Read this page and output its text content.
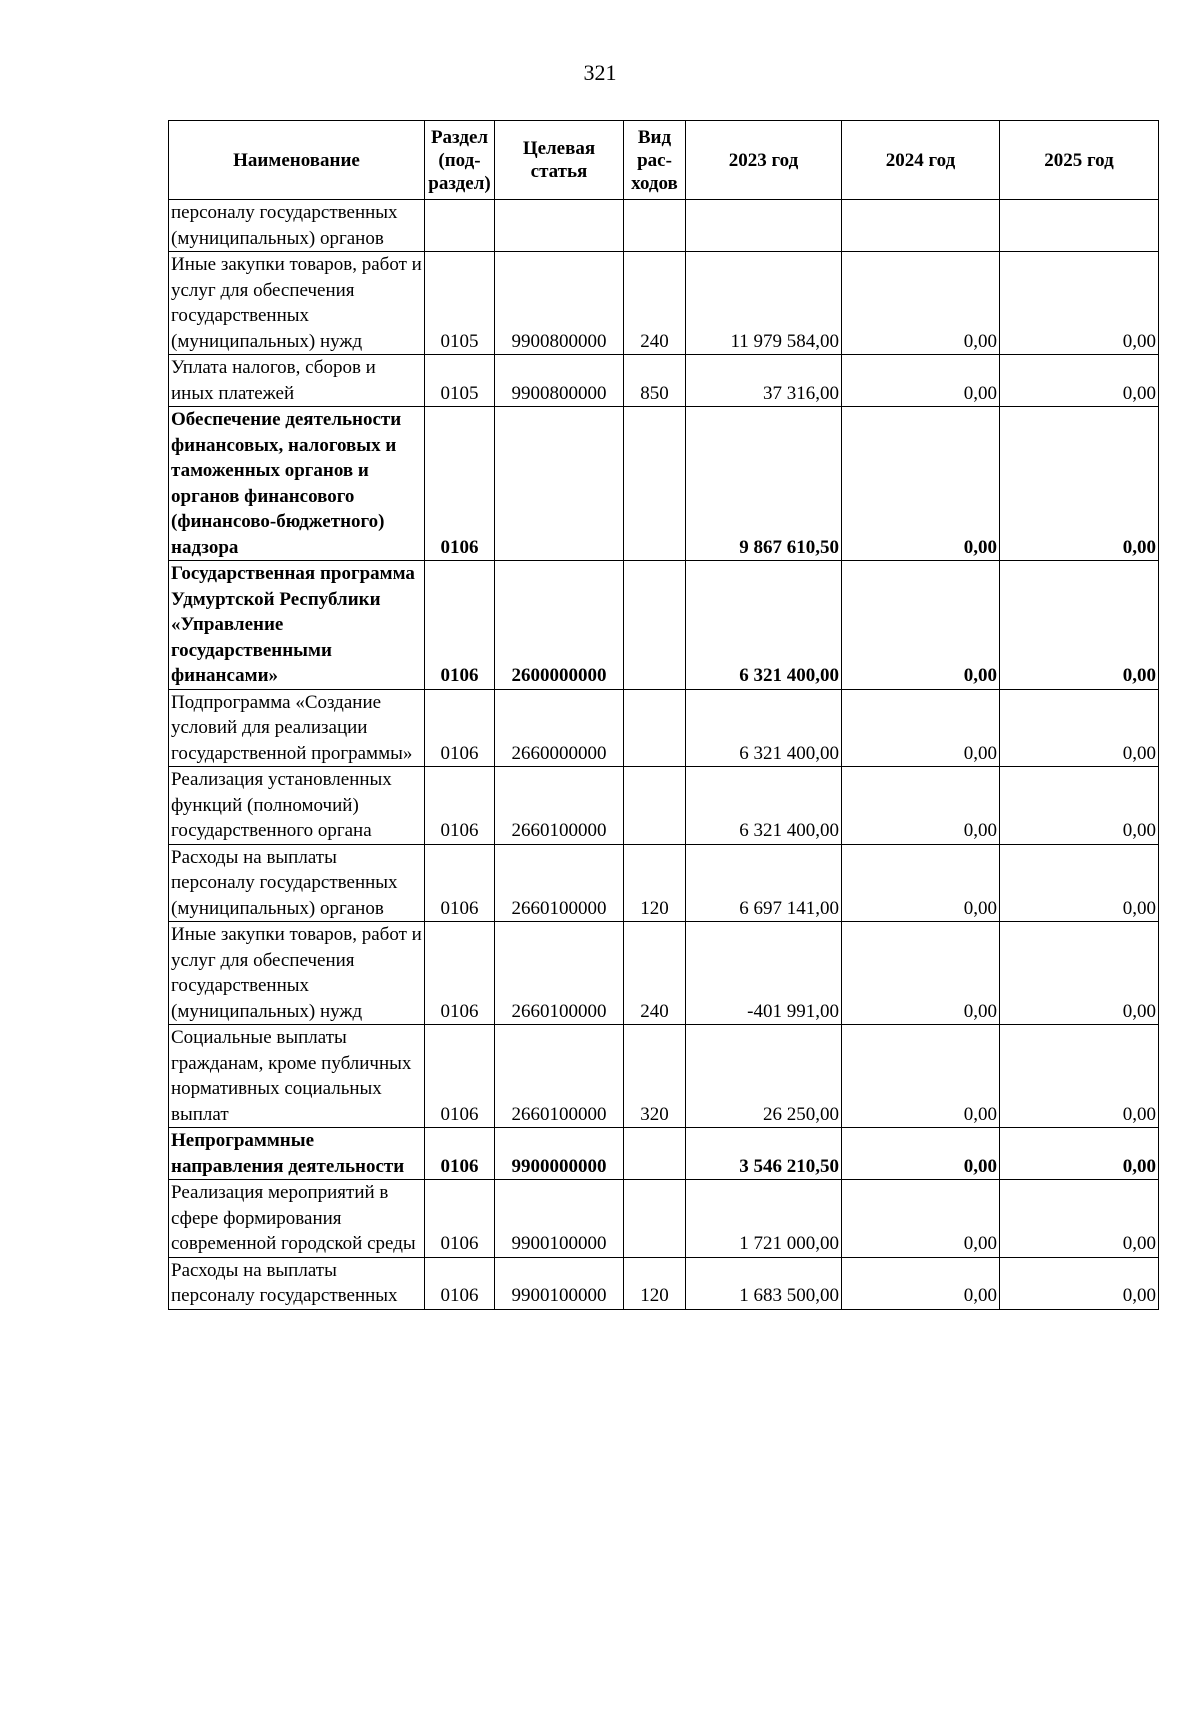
321
Наименование	Раздел (под-раздел)	Целевая статья	Вид рас-ходов	2023 год	2024 год	2025 год
персоналу государственных (муниципальных) органов						
Иные закупки товаров, работ и услуг для обеспечения государственных (муниципальных) нужд	0105	9900800000	240	11 979 584,00	0,00	0,00
Уплата налогов, сборов и иных платежей	0105	9900800000	850	37 316,00	0,00	0,00
Обеспечение деятельности финансовых, налоговых и таможенных органов и органов финансового (финансово-бюджетного) надзора	0106			9 867 610,50	0,00	0,00
Государственная программа Удмуртской Республики «Управление государственными финансами»	0106	2600000000		6 321 400,00	0,00	0,00
Подпрограмма «Создание условий для реализации государственной программы»	0106	2660000000		6 321 400,00	0,00	0,00
Реализация установленных функций (полномочий) государственного органа	0106	2660100000		6 321 400,00	0,00	0,00
Расходы на выплаты персоналу государственных (муниципальных) органов	0106	2660100000	120	6 697 141,00	0,00	0,00
Иные закупки товаров, работ и услуг для обеспечения государственных (муниципальных) нужд	0106	2660100000	240	-401 991,00	0,00	0,00
Социальные выплаты гражданам, кроме публичных нормативных социальных выплат	0106	2660100000	320	26 250,00	0,00	0,00
Непрограммные направления деятельности	0106	9900000000		3 546 210,50	0,00	0,00
Реализация мероприятий в сфере формирования современной городской среды	0106	9900100000		1 721 000,00	0,00	0,00
Расходы на выплаты персоналу государственных	0106	9900100000	120	1 683 500,00	0,00	0,00
